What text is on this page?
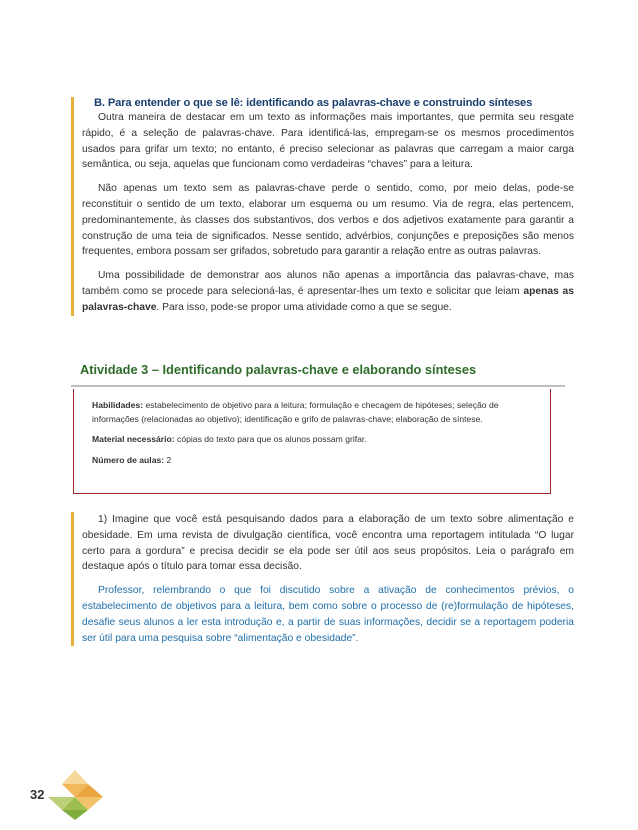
B. Para entender o que se lê: identificando as palavras-chave e construindo sínteses

Outra maneira de destacar em um texto as informações mais importantes, que permita seu resgate rápido, é a seleção de palavras-chave. Para identificá-las, empregam-se os mesmos procedimentos usados para grifar um texto; no entanto, é preciso selecionar as palavras que carregam a maior carga semântica, ou seja, aquelas que funcionam como verdadeiras “chaves” para a leitura.

Não apenas um texto sem as palavras-chave perde o sentido, como, por meio delas, pode-se reconstituir o sentido de um texto, elaborar um esquema ou um resumo. Via de regra, elas pertencem, predominantemente, às classes dos substantivos, dos verbos e dos adjetivos exatamente para garantir a construção de uma teia de significados. Nesse sentido, advérbios, conjunções e preposições são menos frequentes, embora possam ser grifados, sobretudo para garantir a relação entre as outras palavras.

Uma possibilidade de demonstrar aos alunos não apenas a importância das palavras-chave, mas também como se procede para selecioná-las, é apresentar-lhes um texto e solicitar que leiam apenas as palavras-chave. Para isso, pode-se propor uma atividade como a que se segue.

Atividade 3 – Identificando palavras-chave e elaborando sínteses

Habilidades: estabelecimento de objetivo para a leitura; formulação e checagem de hipóteses; seleção de

informações (relacionadas ao objetivo); identificação e grifo de palavras-chave; elaboração de síntese.

Material necessário: cópias do texto para que os alunos possam grifar.

Número de aulas: 2

1) Imagine que você está pesquisando dados para a elaboração de um texto sobre alimentação e obesidade. Em uma revista de divulgação científica, você encontra uma reportagem intitulada “O lugar certo para a gordura” e precisa decidir se ela pode ser útil aos seus propósitos. Leia o parágrafo em destaque após o título para tomar essa decisão.

Professor, relembrando o que foi discutido sobre a ativação de conhecimentos prévios, o estabelecimento de objetivos para a leitura, bem como sobre o processo de (re)formulação de hipóteses, desafie seus alunos a ler esta introdução e, a partir de suas informações, decidir se a reportagem poderia ser útil para uma pesquisa sobre “alimentação e obesidade”.

32
